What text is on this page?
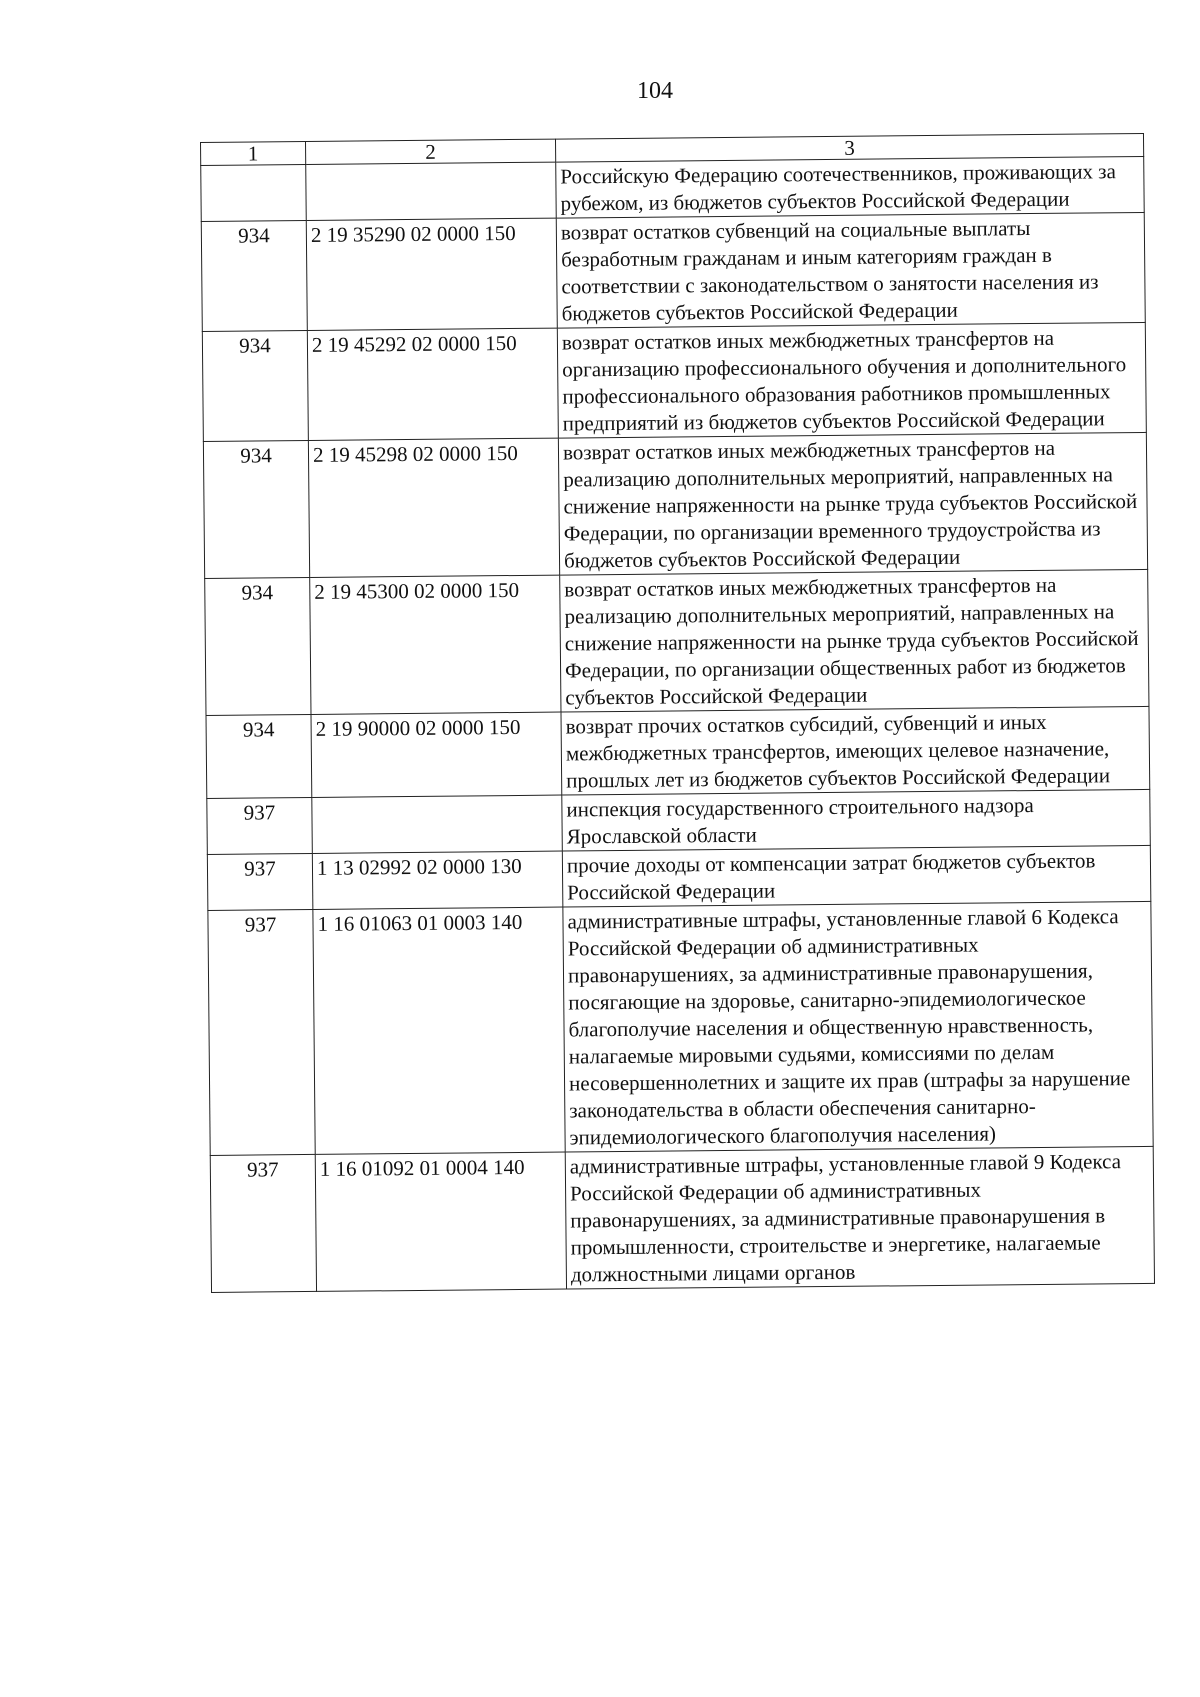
104
1	2	3
		Российскую Федерацию соотечественников, проживающих за рубежом, из бюджетов субъектов Российской Федерации
934	2 19 35290 02 0000 150	возврат остатков субвенций на социальные выплаты безработным гражданам и иным категориям граждан в соответствии с законодательством о занятости населения из бюджетов субъектов Российской Федерации
934	2 19 45292 02 0000 150	возврат остатков иных межбюджетных трансфертов на организацию профессионального обучения и дополнительного профессионального образования работников промышленных предприятий из бюджетов субъектов Российской Федерации
934	2 19 45298 02 0000 150	возврат остатков иных межбюджетных трансфертов на реализацию дополнительных мероприятий, направленных на снижение напряженности на рынке труда субъектов Российской Федерации, по организации временного трудоустройства из бюджетов субъектов Российской Федерации
934	2 19 45300 02 0000 150	возврат остатков иных межбюджетных трансфертов на реализацию дополнительных мероприятий, направленных на снижение напряженности на рынке труда субъектов Российской Федерации, по организации общественных работ из бюджетов субъектов Российской Федерации
934	2 19 90000 02 0000 150	возврат прочих остатков субсидий, субвенций и иных межбюджетных трансфертов, имеющих целевое назначение, прошлых лет из бюджетов субъектов Российской Федерации
937		инспекция государственного строительного надзора Ярославской области
937	1 13 02992 02 0000 130	прочие доходы от компенсации затрат бюджетов субъектов Российской Федерации
937	1 16 01063 01 0003 140	административные штрафы, установленные главой 6 Кодекса Российской Федерации об административных правонарушениях, за административные правонарушения, посягающие на здоровье, санитарно-эпидемиологическое благополучие населения и общественную нравственность, налагаемые мировыми судьями, комиссиями по делам несовершеннолетних и защите их прав (штрафы за нарушение законодательства в области обеспечения санитарно-эпидемиологического благополучия населения)
937	1 16 01092 01 0004 140	административные штрафы, установленные главой 9 Кодекса Российской Федерации об административных правонарушениях, за административные правонарушения в промышленности, строительстве и энергетике, налагаемые должностными лицами органов
